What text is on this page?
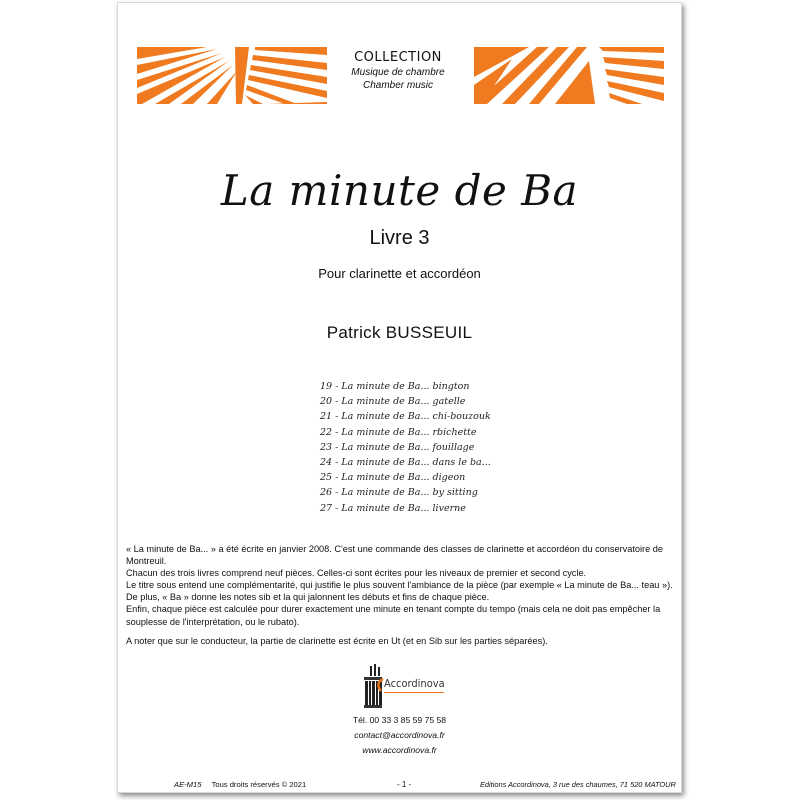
COLLECTION
Musique de chambre
Chamber music
La minute de Ba
Livre 3
Pour clarinette et accordéon
Patrick BUSSEUIL
19 - La minute de Ba... bington
20 - La minute de Ba... gatelle
21 - La minute de Ba... chi-bouzouk
22 - La minute de Ba... rbichette
23 - La minute de Ba... fouillage
24 - La minute de Ba... dans le ba...
25 - La minute de Ba... digeon
26 - La minute de Ba... by sitting
27 - La minute de Ba... liverne

« La minute de Ba... » a été écrite en janvier 2008. C'est une commande des classes de clarinette et accordéon du conservatoire de Montreuil.

Chacun des trois livres comprend neuf pièces. Celles-ci sont écrites pour les niveaux de premier et second cycle.

Le titre sous entend une complémentarité, qui justifie le plus souvent l'ambiance de la pièce (par exemple « La minute de Ba... teau »). De plus, « Ba » donne les notes sib et la qui jalonnent les débuts et fins de chaque pièce.

Enfin, chaque pièce est calculée pour durer exactement une minute en tenant compte du tempo (mais cela ne doit pas empêcher la souplesse de l'interprétation, ou le rubato).

A noter que sur le conducteur, la partie de clarinette est écrite en Ut (et en Sib sur les parties séparées).

Accordinova
Tél. 00 33 3 85 59 75 58
contact@accordinova.fr
www.accordinova.fr
AE-M15 Tous droits réservés © 2021	- 1 -	Editions Accordinova, 3 rue des chaumes, 71 520 MATOUR
